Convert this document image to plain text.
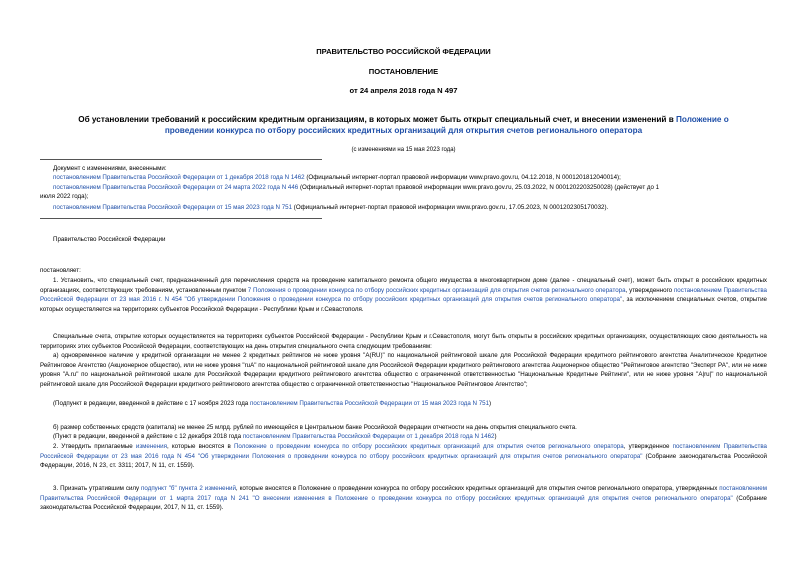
ПРАВИТЕЛЬСТВО РОССИЙСКОЙ ФЕДЕРАЦИИ
ПОСТАНОВЛЕНИЕ
от 24 апреля 2018 года N 497
Об установлении требований к российским кредитным организациям, в которых может быть открыт специальный счет, и внесении изменений в Положение о проведении конкурса по отбору российских кредитных организаций для открытия счетов регионального оператора
(с изменениями на 15 мая 2023 года)
Документ с изменениями, внесенными:
постановлением Правительства Российской Федерации от 1 декабря 2018 года N 1462 (Официальный интернет-портал правовой информации www.pravo.gov.ru, 04.12.2018, N 0001201812040014);
постановлением Правительства Российской Федерации от 24 марта 2022 года N 446 (Официальный интернет-портал правовой информации www.pravo.gov.ru, 25.03.2022, N 0001202203250028) (действует до 1
июля 2022 года);
постановлением Правительства Российской Федерации от 15 мая 2023 года N 751 (Официальный интернет-портал правовой информации www.pravo.gov.ru, 17.05.2023, N 0001202305170032).
Правительство Российской Федерации
постановляет:
1. Установить, что специальный счет, предназначенный для перечисления средств на проведение капитального ремонта общего имущества в многоквартирном доме (далее - специальный счет), может быть открыт в российских кредитных организациях, соответствующих требованиям, установленным пунктом 7 Положения о проведении конкурса по отбору российских кредитных организаций для открытия счетов регионального оператора, утвержденного постановлением Правительства Российской Федерации от 23 мая 2016 г. N 454 "Об утверждении Положения о проведении конкурса по отбору российских кредитных организаций для открытия счетов регионального оператора", за исключением специальных счетов, открытие которых осуществляется на территориях субъектов Российской Федерации - Республики Крым и г.Севастополя.
Специальные счета, открытие которых осуществляется на территориях субъектов Российской Федерации - Республики Крым и г.Севастополя, могут быть открыты в российских кредитных организациях, осуществляющих свою деятельность на территориях этих субъектов Российской Федерации, соответствующих на день открытия специального счета следующим требованиям:
а) одновременное наличие у кредитной организации не менее 2 кредитных рейтингов не ниже уровня "A(RU)" по национальной рейтинговой шкале для Российской Федерации кредитного рейтингового агентства Аналитическое Кредитное Рейтинговое Агентство (Акционерное общество), или не ниже уровня "ruA" по национальной рейтинговой шкале для Российской Федерации кредитного рейтингового агентства Акционерное общество "Рейтинговое агентство "Эксперт РА", или не ниже уровня "A.ru" по национальной рейтинговой шкале для Российской Федерации кредитного рейтингового агентства общество с ограниченной ответственностью "Национальные Кредитные Рейтинги", или не ниже уровня "A|ru|" по национальной рейтинговой шкале для Российской Федерации кредитного рейтингового агентства общество с ограниченной ответственностью "Национальное Рейтинговое Агентство";
(Подпункт в редакции, введенной в действие с 17 ноября 2023 года постановлением Правительства Российской Федерации от 15 мая 2023 года N 751)
б) размер собственных средств (капитала) не менее 25 млрд. рублей по имеющейся в Центральном банке Российской Федерации отчетности на день открытия специального счета.
(Пункт в редакции, введенной в действие с 12 декабря 2018 года постановлением Правительства Российской Федерации от 1 декабря 2018 года N 1462)
2. Утвердить прилагаемые изменения, которые вносятся в Положение о проведении конкурса по отбору российских кредитных организаций для открытия счетов регионального оператора, утвержденное постановлением Правительства Российской Федерации от 23 мая 2016 года N 454 "Об утверждении Положения о проведении конкурса по отбору российских кредитных организаций для открытия счетов регионального оператора" (Собрание законодательства Российской Федерации, 2016, N 23, ст. 3311; 2017, N 11, ст. 1559).
3. Признать утратившим силу подпункт "б" пункта 2 изменений, которые вносятся в Положение о проведении конкурса по отбору российских кредитных организаций для открытия счетов регионального оператора, утвержденных постановлением Правительства Российской Федерации от 1 марта 2017 года N 241 "О внесении изменения в Положение о проведении конкурса по отбору российских кредитных организаций для открытия счетов регионального оператора" (Собрание законодательства Российской Федерации, 2017, N 11, ст. 1559).
